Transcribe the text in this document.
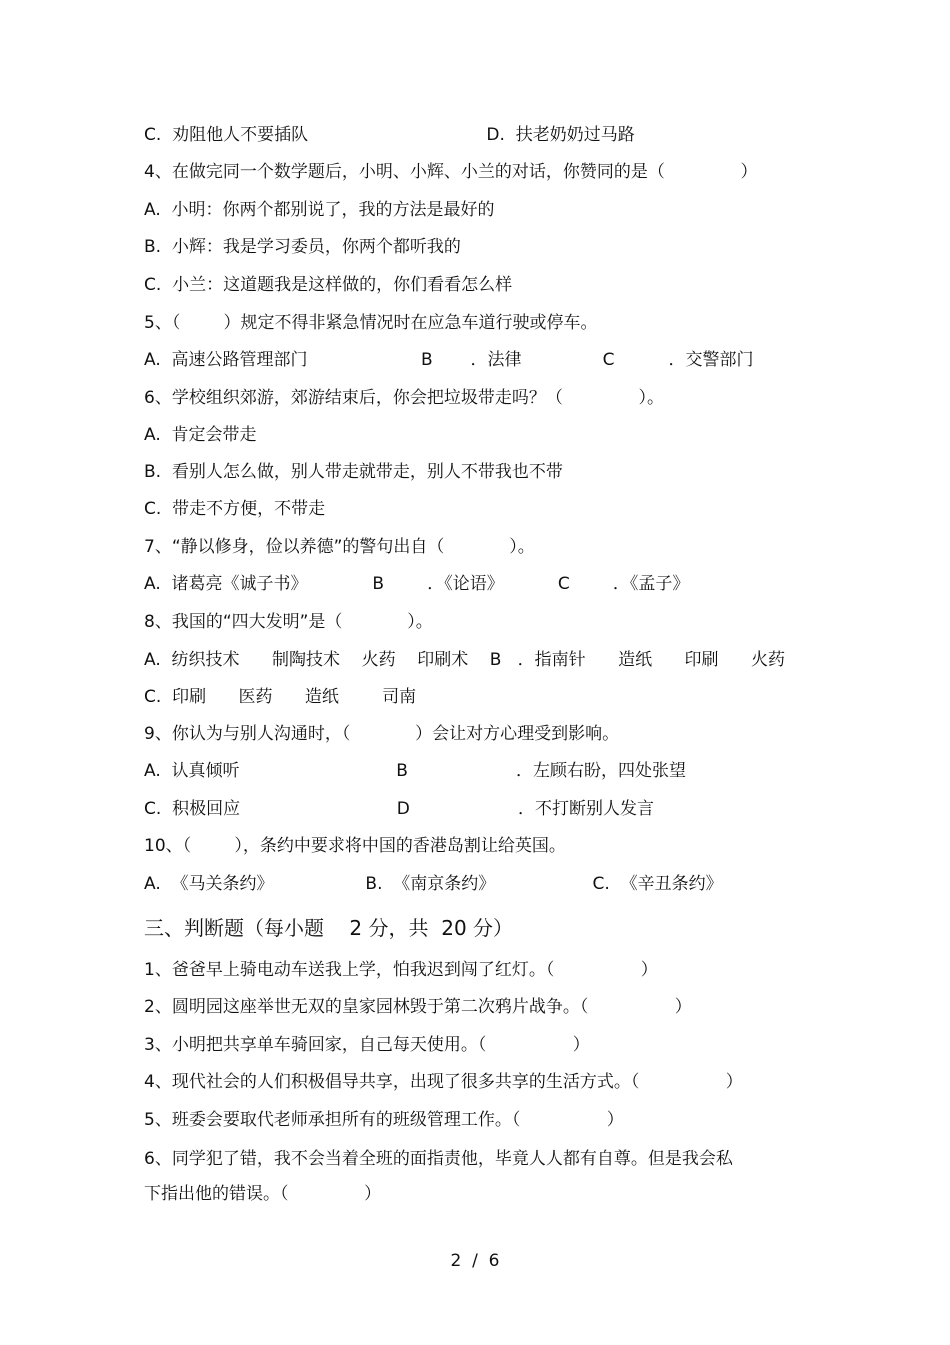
C.  劝阻他人不要插队                                 D.  扶老奶奶过马路
4、在做完同一个数学题后，小明、小辉、小兰的对话，你赞同的是（              ）
A.  小明：你两个都别说了，我的方法是最好的
B.  小辉：我是学习委员，你两个都听我的
C.  小兰：这道题我是这样做的，你们看看怎么样
5、（        ）规定不得非紧急情况时在应急车道行驶或停车。
A.  高速公路管理部门                     B       ．法律               C          ．交警部门
6、学校组织郊游，郊游结束后，你会把垃圾带走吗？（              ）。
A.  肯定会带走
B.  看别人怎么做，别人带走就带走，别人不带我也不带
C.  带走不方便，不带走
7、“静以修身，俭以养德”的警句出自（            ）。
A.  诸葛亮《诚子书》            B        ．《论语》          C        ．《孟子》
8、我国的“四大发明”是（            ）。
A.  纺织技术      制陶技术    火药    印刷术    B   ．指南针      造纸      印刷      火药
C.  印刷      医药      造纸        司南
9、你认为与别人沟通时，（            ）会让对方心理受到影响。
A.  认真倾听                             B                    ．左顾右盼，四处张望
C.  积极回应                             D                    ．不打断别人发言
10、（        ），条约中要求将中国的香港岛割让给英国。
A.  《马关条约》                 B.  《南京条约》                  C.  《辛丑条约》
三、判断题（每小题    2 分，共  20 分）
1、爸爸早上骑电动车送我上学，怕我迟到闯了红灯。（                ）
2、圆明园这座举世无双的皇家园林毁于第二次鸦片战争。（                ）
3、小明把共享单车骑回家，自己每天使用。（                ）
4、现代社会的人们积极倡导共享，出现了很多共享的生活方式。（                ）
5、班委会要取代老师承担所有的班级管理工作。（                ）
6、同学犯了错，我不会当着全班的面指责他，毕竟人人都有自尊。但是我会私
下指出他的错误。（              ）
2  /  6
